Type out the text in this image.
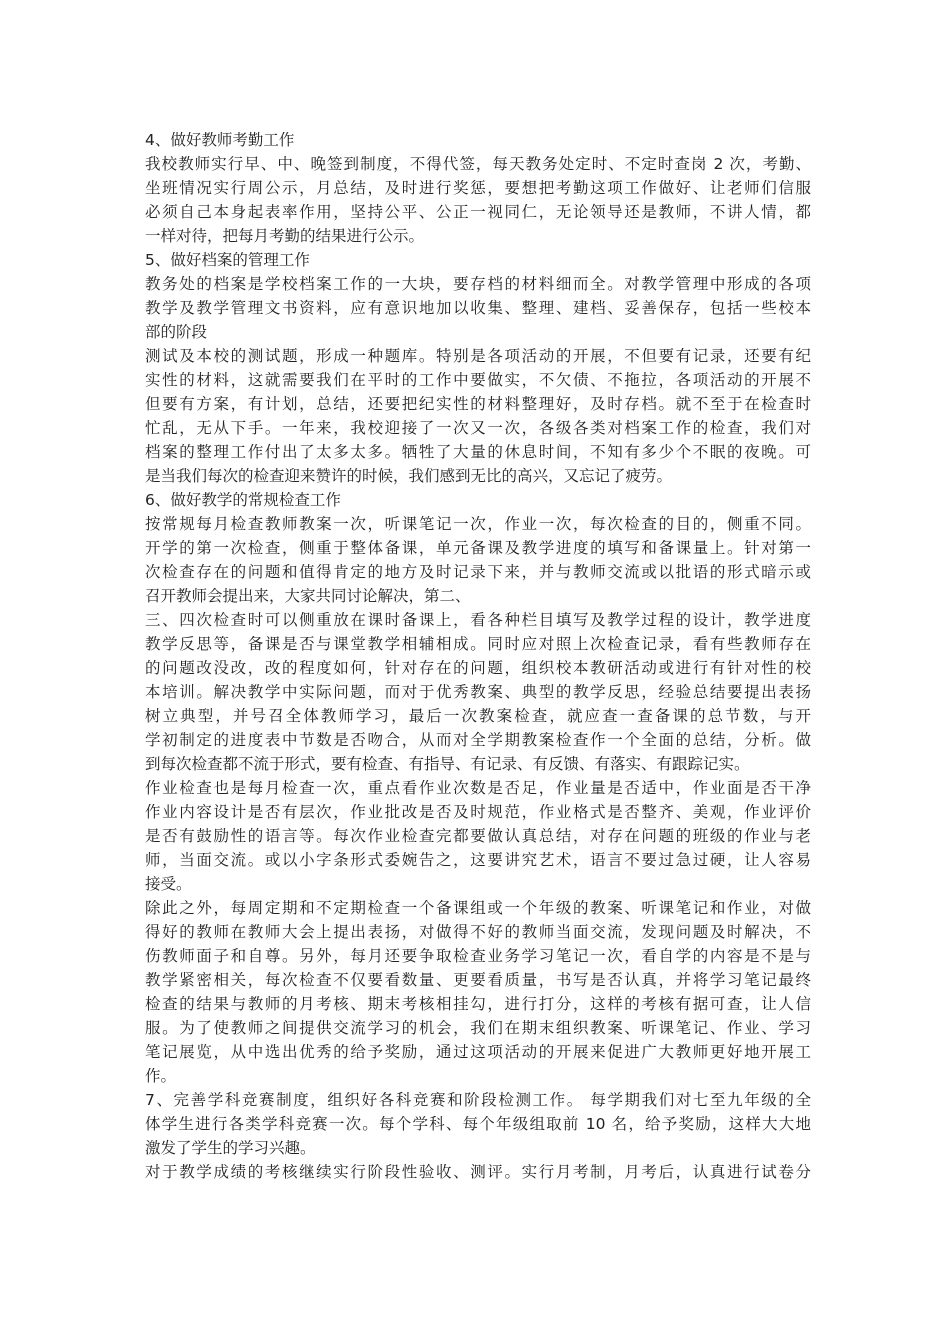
4、做好教师考勤工作
我校教师实行早、中、晚签到制度，不得代签，每天教务处定时、不定时查岗 2 次，考勤、
坐班情况实行周公示，月总结，及时进行奖惩，要想把考勤这项工作做好、让老师们信服
必须自己本身起表率作用，坚持公平、公正一视同仁，无论领导还是教师，不讲人情，都
一样对待，把每月考勤的结果进行公示。
5、做好档案的管理工作
教务处的档案是学校档案工作的一大块，要存档的材料细而全。对教学管理中形成的各项
教学及教学管理文书资料，应有意识地加以收集、整理、建档、妥善保存，包括一些校本
部的阶段
测试及本校的测试题，形成一种题库。特别是各项活动的开展，不但要有记录，还要有纪
实性的材料，这就需要我们在平时的工作中要做实，不欠债、不拖拉，各项活动的开展不
但要有方案，有计划，总结，还要把纪实性的材料整理好，及时存档。就不至于在检查时
忙乱，无从下手。一年来，我校迎接了一次又一次，各级各类对档案工作的检查，我们对
档案的整理工作付出了太多太多。牺牲了大量的休息时间，不知有多少个不眠的夜晚。可
是当我们每次的检查迎来赞许的时候，我们感到无比的高兴，又忘记了疲劳。
6、做好教学的常规检查工作
按常规每月检查教师教案一次，听课笔记一次，作业一次，每次检查的目的，侧重不同。
开学的第一次检查，侧重于整体备课，单元备课及教学进度的填写和备课量上。针对第一
次检查存在的问题和值得肯定的地方及时记录下来，并与教师交流或以批语的形式暗示或
召开教师会提出来，大家共同讨论解决，第二、
三、四次检查时可以侧重放在课时备课上，看各种栏目填写及教学过程的设计，教学进度
教学反思等，备课是否与课堂教学相辅相成。同时应对照上次检查记录，看有些教师存在
的问题改没改，改的程度如何，针对存在的问题，组织校本教研活动或进行有针对性的校
本培训。解决教学中实际问题，而对于优秀教案、典型的教学反思，经验总结要提出表扬
树立典型，并号召全体教师学习，最后一次教案检查，就应查一查备课的总节数，与开
学初制定的进度表中节数是否吻合，从而对全学期教案检查作一个全面的总结，分析。做
到每次检查都不流于形式，要有检查、有指导、有记录、有反馈、有落实、有跟踪记实。
作业检查也是每月检查一次，重点看作业次数是否足，作业量是否适中，作业面是否干净
作业内容设计是否有层次，作业批改是否及时规范，作业格式是否整齐、美观，作业评价
是否有鼓励性的语言等。每次作业检查完都要做认真总结，对存在问题的班级的作业与老
师，当面交流。或以小字条形式委婉告之，这要讲究艺术，语言不要过急过硬，让人容易
接受。
除此之外，每周定期和不定期检查一个备课组或一个年级的教案、听课笔记和作业，对做
得好的教师在教师大会上提出表扬，对做得不好的教师当面交流，发现问题及时解决，不
伤教师面子和自尊。另外，每月还要争取检查业务学习笔记一次，看自学的内容是不是与
教学紧密相关，每次检查不仅要看数量、更要看质量，书写是否认真，并将学习笔记最终
检查的结果与教师的月考核、期末考核相挂勾，进行打分，这样的考核有据可查，让人信
服。为了使教师之间提供交流学习的机会，我们在期末组织教案、听课笔记、作业、学习
笔记展览，从中选出优秀的给予奖励，通过这项活动的开展来促进广大教师更好地开展工
作。
7、完善学科竞赛制度，组织好各科竞赛和阶段检测工作。 每学期我们对七至九年级的全
体学生进行各类学科竞赛一次。每个学科、每个年级组取前 10 名，给予奖励，这样大大地
激发了学生的学习兴趣。
对于教学成绩的考核继续实行阶段性验收、测评。实行月考制，月考后，认真进行试卷分
